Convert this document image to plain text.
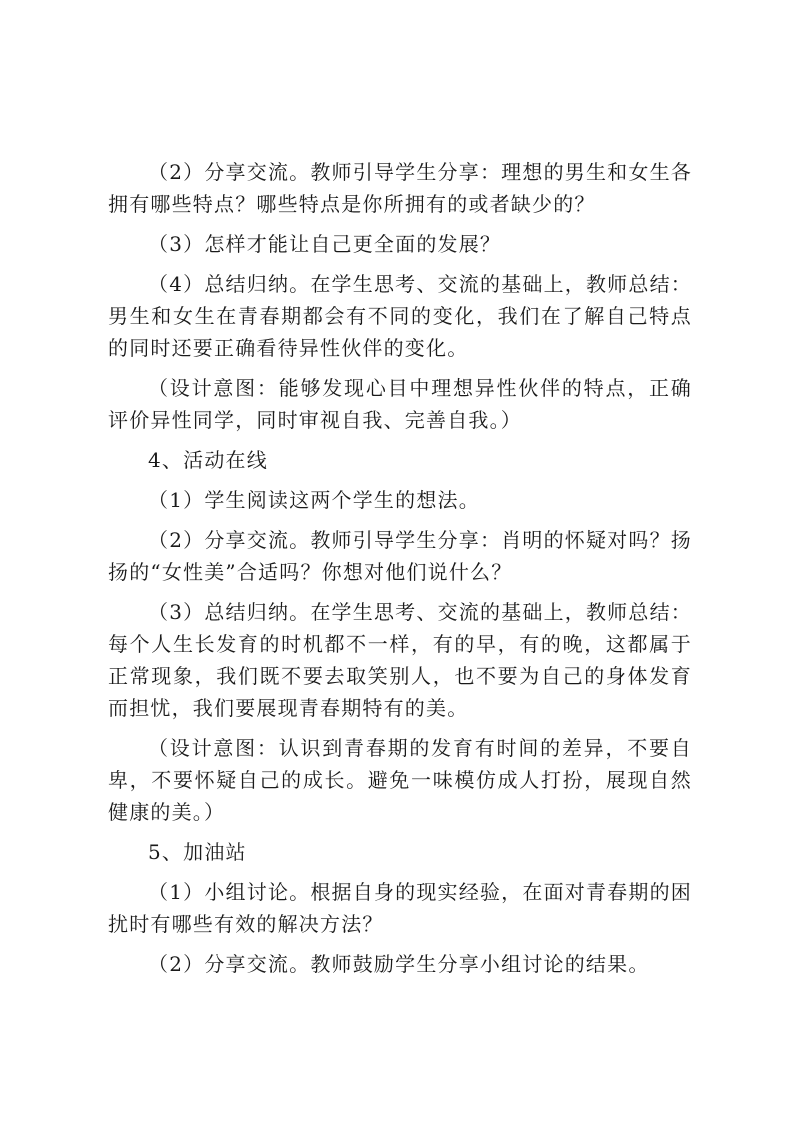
（2）分享交流。教师引导学生分享：理想的男生和女生各拥有哪些特点？哪些特点是你所拥有的或者缺少的？

（3）怎样才能让自己更全面的发展？

（4）总结归纳。在学生思考、交流的基础上，教师总结：男生和女生在青春期都会有不同的变化，我们在了解自己特点的同时还要正确看待异性伙伴的变化。

（设计意图：能够发现心目中理想异性伙伴的特点，正确评价异性同学，同时审视自我、完善自我。）

4、活动在线

（1）学生阅读这两个学生的想法。

（2）分享交流。教师引导学生分享：肖明的怀疑对吗？扬扬的“女性美”合适吗？你想对他们说什么？

（3）总结归纳。在学生思考、交流的基础上，教师总结：每个人生长发育的时机都不一样，有的早，有的晚，这都属于正常现象，我们既不要去取笑别人，也不要为自己的身体发育而担忧，我们要展现青春期特有的美。

（设计意图：认识到青春期的发育有时间的差异，不要自卑，不要怀疑自己的成长。避免一味模仿成人打扮，展现自然健康的美。）

5、加油站

（1）小组讨论。根据自身的现实经验，在面对青春期的困扰时有哪些有效的解决方法？

（2）分享交流。教师鼓励学生分享小组讨论的结果。
